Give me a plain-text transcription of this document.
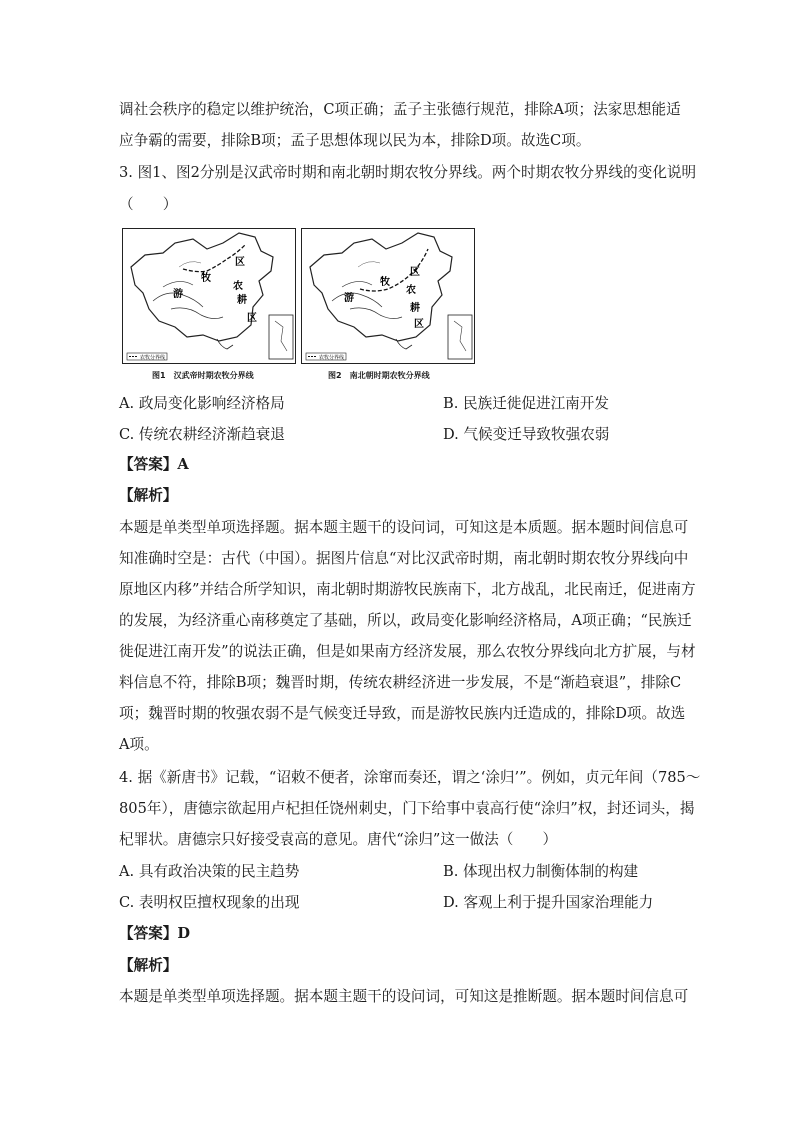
调社会秩序的稳定以维护统治，C项正确；孟子主张德行规范，排除A项；法家思想能适
应争霸的需要，排除B项；孟子思想体现以民为本，排除D项。故选C项。
3. 图1、图2分别是汉武帝时期和南北朝时期农牧分界线。两个时期农牧分界线的变化说明
（　　）
农牧分界线
区
牧
农
游
耕
区
图1　汉武帝时期农牧分界线
农牧分界线
区
牧
农
游
耕
区
图2　南北朝时期农牧分界线
A. 政局变化影响经济格局	B. 民族迁徙促进江南开发
C. 传统农耕经济渐趋衰退	D. 气候变迁导致牧强农弱
【答案】A
【解析】
本题是单类型单项选择题。据本题主题干的设问词，可知这是本质题。据本题时间信息可
知准确时空是：古代（中国）。据图片信息“对比汉武帝时期，南北朝时期农牧分界线向中
原地区内移”并结合所学知识，南北朝时期游牧民族南下，北方战乱，北民南迁，促进南方
的发展，为经济重心南移奠定了基础，所以，政局变化影响经济格局，A项正确；“民族迁
徙促进江南开发”的说法正确，但是如果南方经济发展，那么农牧分界线向北方扩展，与材
料信息不符，排除B项；魏晋时期，传统农耕经济进一步发展，不是“渐趋衰退”，排除C
项；魏晋时期的牧强农弱不是气候变迁导致，而是游牧民族内迁造成的，排除D项。故选
A项。
4. 据《新唐书》记载，“诏敕不便者，涂窜而奏还，谓之‘涂归’”。例如，贞元年间（785～
805年），唐德宗欲起用卢杞担任饶州刺史，门下给事中袁高行使“涂归”权，封还词头，揭
杞罪状。唐德宗只好接受袁高的意见。唐代“涂归”这一做法（　　）
A. 具有政治决策的民主趋势	B. 体现出权力制衡体制的构建
C. 表明权臣擅权现象的出现	D. 客观上利于提升国家治理能力
【答案】D
【解析】
本题是单类型单项选择题。据本题主题干的设问词，可知这是推断题。据本题时间信息可
